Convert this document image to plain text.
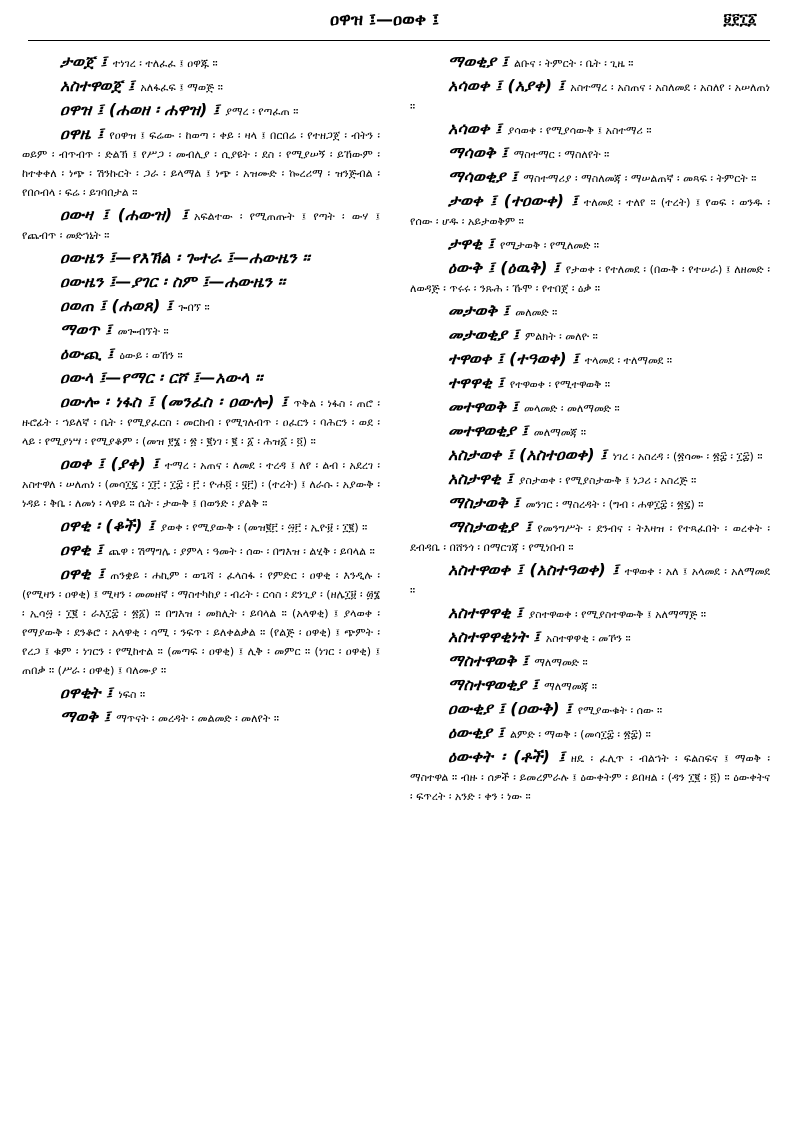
ዐዋዝ ፤—ዐወቀ ፤	፱፻፲፩

ታወጀ ፤ ተነገረ ፡ ተለፈፈ ፤ ዐዋጁ ።

አስተዋወጀ ፤ አለፋፈፍ ፤ ማወጅ ።

ዐዋዝ ፤ (ሐወዘ ፡ ሐዋዝ) ፤ ያማረ ፡ የጣፈጠ ።

ዐዋዜ ፤ የዐዋዝ ፤ ፍሬው ፡ ከወጣ ፡ ቀይ ፡ ዛላ ፤ በርበሬ ፡ የተዘጋጀ ፡ ብትን ፡ ወይም ፡ ብጥብጥ ፡ ድልኽ ፤ የሥጋ ፡ መብሊያ ፡ ሲያዩት ፡ ደስ ፡ የሚያሠኝ ፡ ይኸውም ፡ ከተቀቀለ ፡ ነጭ ፡ ሽንኩርት ፡ ጋራ ፡ ይላማል ፤ ነጭ ፡ አዝሙድ ፡ ኰረሪማ ፡ ዝንጅብል ፡ የበሶብላ ፡ ፍሬ ፡ ይገባበታል ።

ዐውዛ ፤ (ሐውዝ) ፤ አፍልተው ፡ የሚጠጡት ፤ የጣት ፡ ውሃ ፤ የጨብጥ ፡ መድኀኒት ።

ዐውዜን ፤—የእኽል ፡ ጐተራ ፤—ሐውዜን ።

ዐውዜን ፤—ያገር ፡ ስም ፤—ሐውዜን ።

ዐወጠ ፤ (ሐወጸ) ፤ ጐበኘ ።

ማወጥ ፤ መጐብኘት ።

ዕውጪ ፤ ዕውይ ፡ ወኸን ።

ዐውላ ፤—የማር ፡ ርሾ ፤—አውላ ።

ዐውሎ ፡ ነፋስ ፤ (መንፈስ ፡ ዐውሎ) ፤ ጥቅል ፡ ነፋስ ፡ ጠሮ ፡ ዙሮፊት ፡ ኀይለኛ ፡ ቤት ፡ የሚያፈርስ ፡ መርከብ ፡ የሚገለብጥ ፡ ዐፈርን ፡ ባሕርን ፡ ወደ ፡ ላይ ፡ የሚያነሣ ፡ የሚያቆም ፡ (መዝ ፻፮ ፡ ፳ ፡ ፪ነገ ፡ ፪ ፡ ፩ ፡ ሕዝ፩ ፡ ፬) ።

ዐወቀ ፤ (ያቀ) ፤ ተማረ ፡ አጠና ፡ ለመደ ፡ ተረዳ ፤ ለየ ፡ ልብ ፡ አደረገ ፡ አስተዋለ ፡ ሠለጠነ ፡ (መሳ፲፯ ፡ ፲፫ ፡ ፲፰ ፡ ፫ ፡ ዮሐ፬ ፡ ፶፫) ፡ (ተረት) ፤ ለራሱ ፡ አያውቅ ፡ ነዳይ ፡ ቅቤ ፡ ለመነ ፡ ላዋይ ። ሴት ፡ ታውቅ ፤ በወንድ ፡ ያልቅ ።

ዐዋቂ ፡ (ቆች) ፤ ያወቀ ፡ የሚያውቅ ፡ (መዝ፪፫ ፡ ፵፫ ፡ ኢዮ፱ ፡ ፲፪) ።

ዐዋቂ ፤ ጨዋ ፡ ሽማግሌ ፡ ያምላ ፡ ዓመት ፡ ሰው ፡ በግእዝ ፡ ልሂቅ ፡ ይባላል ።

ዐዋቂ ፤ ጠንቋይ ፡ ሐኪም ፡ ወጌሻ ፡ ፈላስፋ ፡ የምድር ፡ ዐዋቂ ፡ እንዲሉ ፡ (የሚዛን ፡ ዐዋቂ) ፤ ሚዛን ፡ መመዘኛ ፡ ማስተካከያ ፡ ብረት ፡ ርሳስ ፡ ደንጊያ ፡ (ዘሌ፲፱ ፡ ፴፮ ፡ ኢሳ፵ ፡ ፲፪ ፡ ራእ፲፰ ፡ ፳፩) ። በግእዝ ፡ መክሊት ፡ ይባላል ። (አላዋቂ) ፤ ያላወቀ ፡ የማያውቅ ፡ ደንቆሮ ፡ አላዋቂ ፡ ሳሚ ፡ ንፍጥ ፡ ይለቀልቃል ። (የልጅ ፡ ዐዋቂ) ፤ ጭምት ፡ የረጋ ፤ ቁም ፡ ነገርን ፡ የሚከተል ። (መጣፍ ፡ ዐዋቂ) ፤ ሊቅ ፡ መምር ። (ነገር ፡ ዐዋቂ) ፤ ጠበቃ ። (ሥራ ፡ ዐዋቂ) ፤ ባለሙያ ።

ዐዋቂት ፤ ነፍስ ።

ማወቅ ፤ ማጥናት ፡ መረዳት ፡ መልመድ ፡ መለየት ።

ማወቂያ ፤ ልቡና ፡ ትምርት ፡ ቤት ፡ ጊዜ ።

አሳወቀ ፤ (አያቀ) ፤ አስተማረ ፡ አስጠና ፡ አስለመደ ፡ አስለየ ፡ አሠለጠነ ።

አሳወቀ ፤ ያሳወቀ ፡ የሚያሳውቅ ፤ አስተማሪ ።

ማሳወቅ ፤ ማስተማር ፡ ማስለየት ።

ማሳወቂያ ፤ ማስተማሪያ ፡ ማስለመጃ ፡ ማሠልጠኛ ፡ መጻፍ ፡ ትምርት ።

ታወቀ ፤ (ተዐውቀ) ፤ ተለመደ ፡ ተለየ ። (ተረት) ፤ የወፍ ፡ ወንዱ ፡ የሰው ፡ ሆዱ ፡ አይታወቅም ።

ታዋቂ ፤ የሚታወቅ ፡ የሚለመድ ።

ዕውቅ ፤ (ዕዉቅ) ፤ የታወቀ ፡ የተለመደ ፡ (በውቅ ፡ የተሠራ) ፤ ለዘመድ ፡ ለወዳጅ ፡ ጥሩሩ ፡ ንጹሕ ፡ ኹሞ ፡ የተበጀ ፡ ዕቃ ።

መታወቅ ፤ መለመድ ።

መታወቂያ ፤ ምልክት ፡ መለዮ ።

ተዋወቀ ፤ (ተዓወቀ) ፤ ተላመደ ፡ ተለማመደ ።

ተዋዋቂ ፤ የተዋወቀ ፡ የሚተዋወቅ ።

መተዋወቅ ፤ መላመድ ፡ መለማመድ ።

መተዋወቂያ ፤ መለማመጃ ።

አስታወቀ ፤ (አስተዐወቀ) ፤ ነገረ ፡ አስረዳ ፡ (፳ሳሙ ፡ ፳፰ ፡ ፲፰) ።

አስታዋቂ ፤ ያስታወቀ ፡ የሚያስታውቅ ፤ ነጋሪ ፡ አስረጅ ።

ማስታወቅ ፤ መንገር ፡ ማስረዳት ፡ (ግብ ፡ ሐዋ፲፰ ፡ ፳፯) ።

ማስታወቂያ ፤ የመንግሥት ፡ ደንብና ፡ ትእዛዝ ፡ የተጻፈበት ፡ ወረቀት ፡ ደብዳቤ ፡ በሸንጎ ፡ በማርገጃ ፡ የሚነበብ ።

አስተዋወቀ ፤ (አስተዓወቀ) ፤ ተዋወቀ ፡ አለ ፤ አላመደ ፡ አለማመደ ።

አስተዋዋቂ ፤ ያስተዋወቀ ፡ የሚያስተዋውቅ ፤ አለማማጅ ።

አስተዋዋቂነት ፤ አስተዋዋቂ ፡ መኾን ።

ማስተዋወቅ ፤ ማለማመድ ።

ማስተዋወቂያ ፤ ማለማመጃ ።

ዐውቂያ ፤ (ዐውቅ) ፤ የሚያውቁት ፡ ሰው ።

ዕውቂያ ፤ ልምድ ፡ ማወቅ ፡ (መሳ፲፰ ፡ ፳፰) ።

ዕውቀት ፡ (ቶች) ፤ ዘዴ ፡ ፈሊጥ ፡ ብልኀት ፡ ፍልስፍና ፤ ማወቅ ፡ ማስተዋል ። ብዙ ፡ ሰዎች ፡ ይመረምራሉ ፤ ዕውቀትም ፡ ይበዛል ፡ (ዳን ፲፪ ፡ ፬) ። ዕውቀትና ፡ ፍጥረት ፡ አንድ ፡ ቀን ፡ ነው ።
